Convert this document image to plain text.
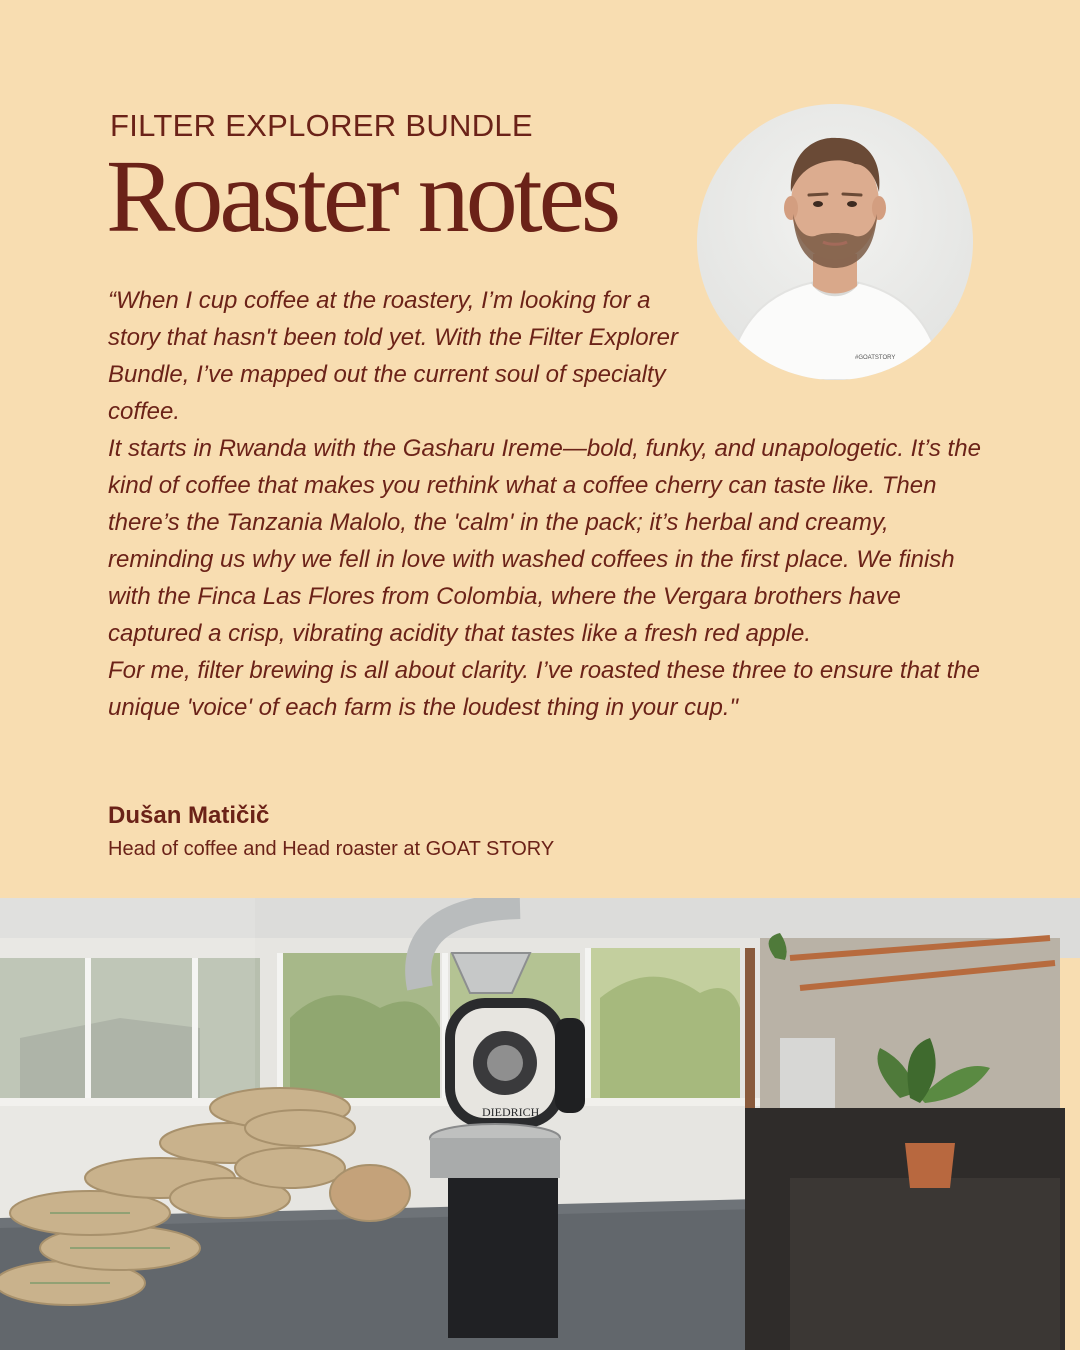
FILTER EXPLORER BUNDLE
Roaster notes
#GOATSTORY
“When I cup coffee at the roastery, I’m looking for a story that hasn't been told yet. With the Filter Explorer Bundle, I’ve mapped out the current soul of specialty coffee.
It starts in Rwanda with the Gasharu Ireme—bold, funky, and unapologetic. It’s the kind of coffee that makes you rethink what a coffee cherry can taste like. Then there’s the Tanzania Malolo, the 'calm' in the pack; it’s herbal and creamy, reminding us why we fell in love with washed coffees in the first place. We finish with the Finca Las Flores from Colombia, where the Vergara brothers have captured a crisp, vibrating acidity that tastes like a fresh red apple.
For me, filter brewing is all about clarity. I’ve roasted these three to ensure that the unique 'voice' of each farm is the loudest thing in your cup."
Dušan Matičič
Head of coffee and Head roaster at GOAT STORY
DIEDRICH
